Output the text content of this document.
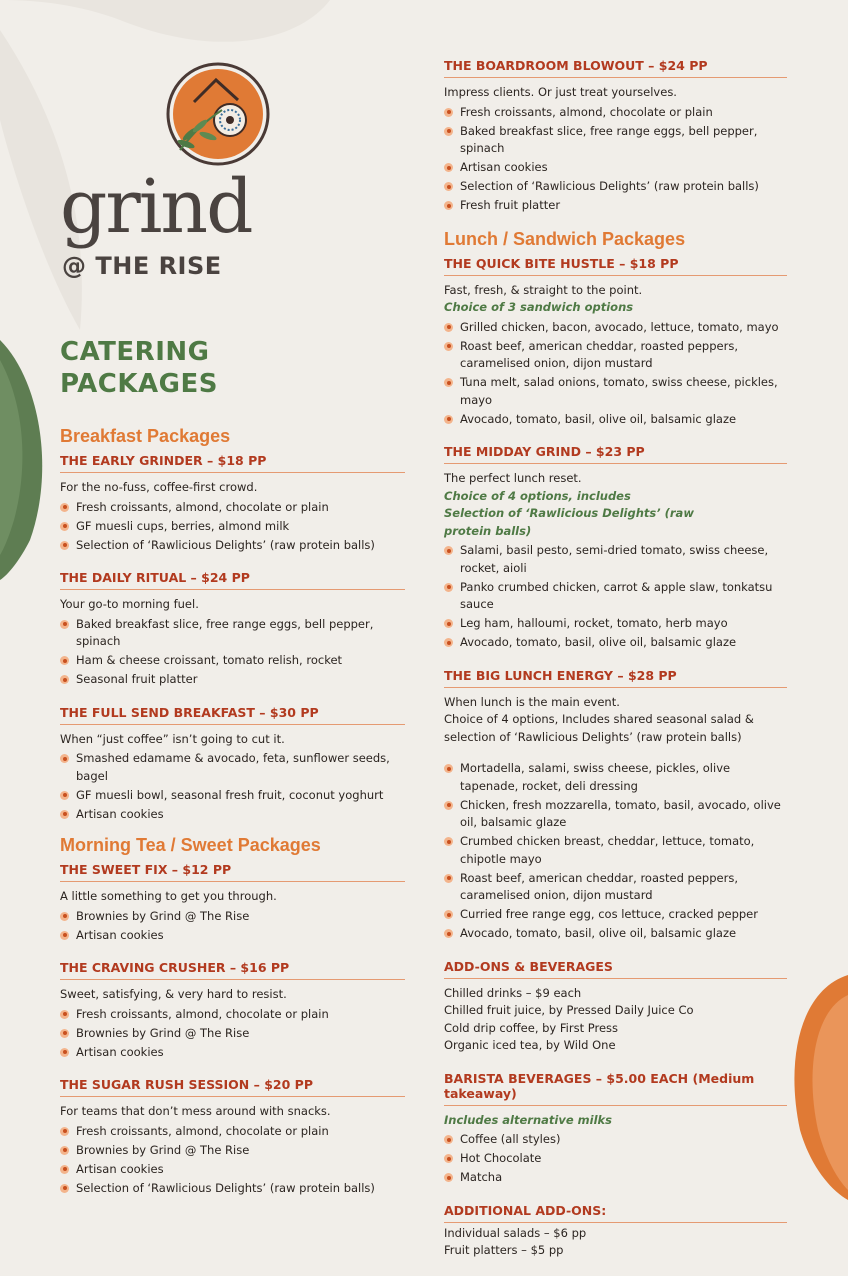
grind
@ THE RISE
CATERING
PACKAGES
Breakfast Packages
THE EARLY GRINDER – $18 PP

For the no-fuss, coffee-first crowd.

Fresh croissants, almond, chocolate or plain
GF muesli cups, berries, almond milk
Selection of ‘Rawlicious Delights’ (raw protein balls)
THE DAILY RITUAL – $24 PP

Your go-to morning fuel.

Baked breakfast slice, free range eggs, bell pepper, spinach
Ham & cheese croissant, tomato relish, rocket
Seasonal fruit platter
THE FULL SEND BREAKFAST – $30 PP

When “just coffee” isn’t going to cut it.

Smashed edamame & avocado, feta, sunflower seeds, bagel
GF muesli bowl, seasonal fresh fruit, coconut yoghurt
Artisan cookies
Morning Tea / Sweet Packages
THE SWEET FIX – $12 PP

A little something to get you through.

Brownies by Grind @ The Rise
Artisan cookies
THE CRAVING CRUSHER – $16 PP

Sweet, satisfying, & very hard to resist.

Fresh croissants, almond, chocolate or plain
Brownies by Grind @ The Rise
Artisan cookies
THE SUGAR RUSH SESSION – $20 PP

For teams that don’t mess around with snacks.

Fresh croissants, almond, chocolate or plain
Brownies by Grind @ The Rise
Artisan cookies
Selection of ‘Rawlicious Delights’ (raw protein balls)
THE BOARDROOM BLOWOUT – $24 PP

Impress clients. Or just treat yourselves.

Fresh croissants, almond, chocolate or plain
Baked breakfast slice, free range eggs, bell pepper, spinach
Artisan cookies
Selection of ‘Rawlicious Delights’ (raw protein balls)
Fresh fruit platter
Lunch / Sandwich Packages
THE QUICK BITE HUSTLE – $18 PP

Fast, fresh, & straight to the point.

Choice of 3 sandwich options

Grilled chicken, bacon, avocado, lettuce, tomato, mayo
Roast beef, american cheddar, roasted peppers, caramelised onion, dijon mustard
Tuna melt, salad onions, tomato, swiss cheese, pickles, mayo
Avocado, tomato, basil, olive oil, balsamic glaze
THE MIDDAY GRIND – $23 PP

The perfect lunch reset.

Choice of 4 options, includes Selection of ‘Rawlicious Delights’ (raw protein balls)

Salami, basil pesto, semi-dried tomato, swiss cheese, rocket, aioli
Panko crumbed chicken, carrot & apple slaw, tonkatsu sauce
Leg ham, halloumi, rocket, tomato, herb mayo
Avocado, tomato, basil, olive oil, balsamic glaze
THE BIG LUNCH ENERGY – $28 PP

When lunch is the main event.

Choice of 4 options, Includes shared seasonal salad & selection of ‘Rawlicious Delights’ (raw protein balls)

Mortadella, salami, swiss cheese, pickles, olive tapenade, rocket, deli dressing
Chicken, fresh mozzarella, tomato, basil, avocado, olive oil, balsamic glaze
Crumbed chicken breast, cheddar, lettuce, tomato, chipotle mayo
Roast beef, american cheddar, roasted peppers, caramelised onion, dijon mustard
Curried free range egg, cos lettuce, cracked pepper
Avocado, tomato, basil, olive oil, balsamic glaze
ADD-ONS & BEVERAGES

Chilled drinks – $9 each

Chilled fruit juice, by Pressed Daily Juice Co

Cold drip coffee, by First Press

Organic iced tea, by Wild One

BARISTA BEVERAGES – $5.00 EACH (Medium takeaway)

Includes alternative milks

Coffee (all styles)
Hot Chocolate
Matcha
ADDITIONAL ADD-ONS:

Individual salads – $6 pp

Fruit platters – $5 pp
